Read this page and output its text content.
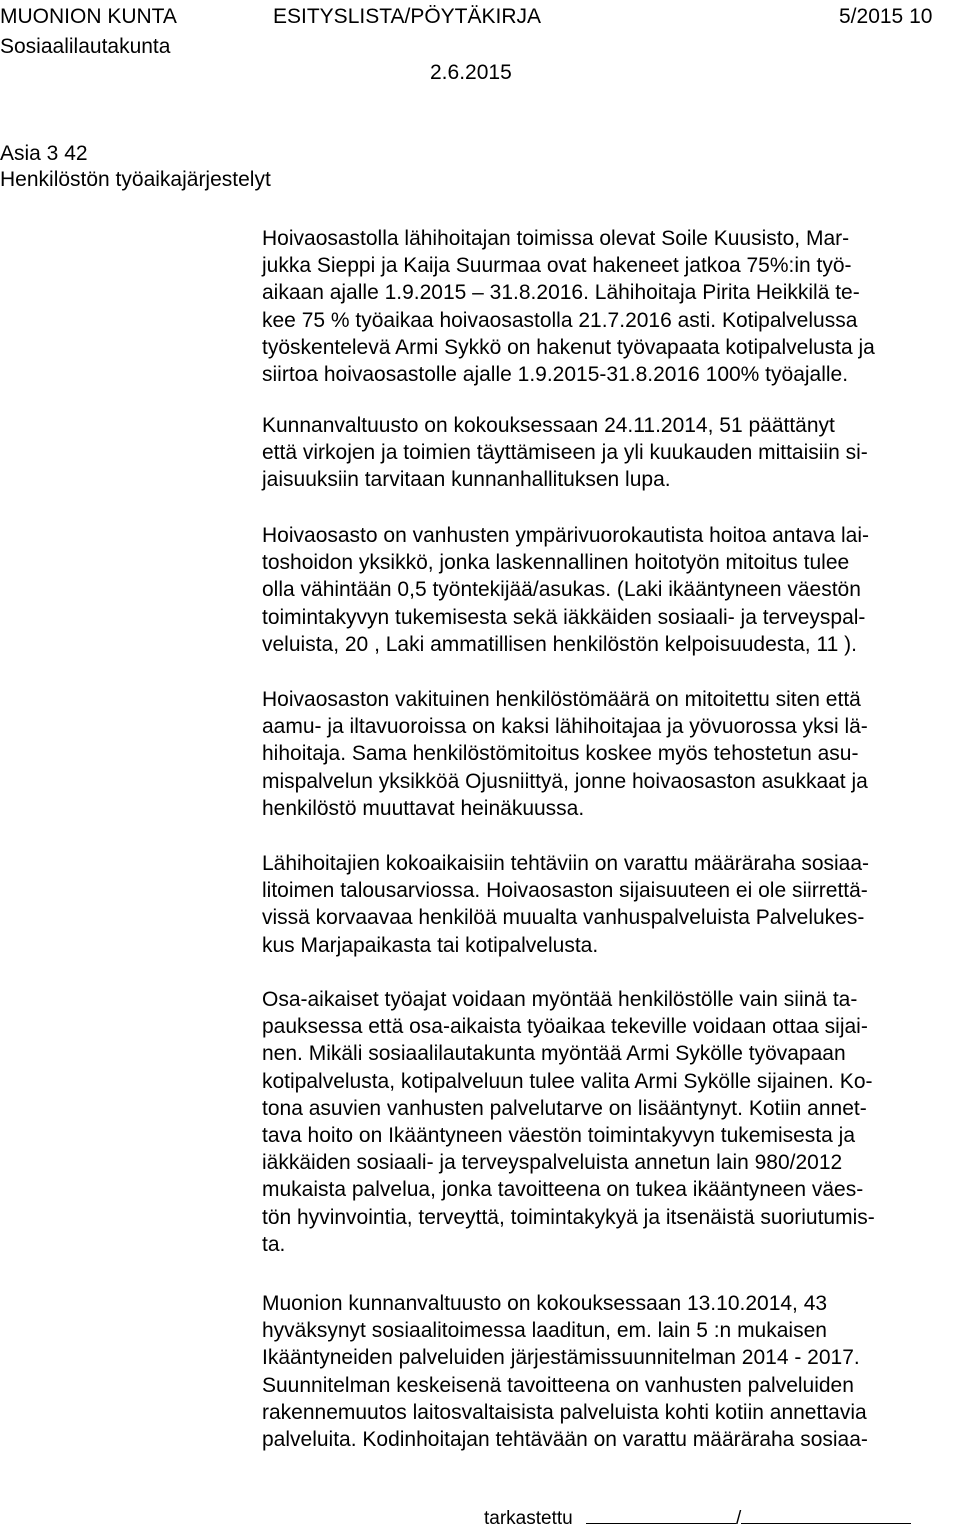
MUONION KUNTA	ESITYSLISTA/PÖYTÄKIRJA	5/2015 10
Sosiaalilautakunta
2.6.2015
Asia 3 42
Henkilöstön työaikajärjestelyt

Hoivaosastolla lähihoitajan toimissa olevat Soile Kuusisto, Mar-
jukka Sieppi ja Kaija Suurmaa ovat hakeneet jatkoa 75%:in työ-
aikaan ajalle 1.9.2015 – 31.8.2016. Lähihoitaja Pirita Heikkilä te-
kee 75 % työaikaa hoivaosastolla 21.7.2016 asti. Kotipalvelussa
työskentelevä Armi Sykkö on hakenut työvapaata kotipalvelusta ja
siirtoa hoivaosastolle ajalle 1.9.2015-31.8.2016 100% työajalle.

Kunnanvaltuusto on kokouksessaan 24.11.2014, 51 päättänyt
että virkojen ja toimien täyttämiseen ja yli kuukauden mittaisiin si-
jaisuuksiin tarvitaan kunnanhallituksen lupa.

Hoivaosasto on vanhusten ympärivuorokautista hoitoa antava lai-
toshoidon yksikkö, jonka laskennallinen hoitotyön mitoitus tulee
olla vähintään 0,5 työntekijää/asukas. (Laki ikääntyneen väestön
toimintakyvyn tukemisesta sekä iäkkäiden sosiaali- ja terveyspal-
veluista, 20 , Laki ammatillisen henkilöstön kelpoisuudesta, 11 ).

Hoivaosaston vakituinen henkilöstömäärä on mitoitettu siten että
aamu- ja iltavuoroissa on kaksi lähihoitajaa ja yövuorossa yksi lä-
hihoitaja. Sama henkilöstömitoitus koskee myös tehostetun asu-
mispalvelun yksikköä Ojusniittyä, jonne hoivaosaston asukkaat ja
henkilöstö muuttavat heinäkuussa.

Lähihoitajien kokoaikaisiin tehtäviin on varattu määräraha sosiaa-
litoimen talousarviossa. Hoivaosaston sijaisuuteen ei ole siirrettä-
vissä korvaavaa henkilöä muualta vanhuspalveluista Palvelukes-
kus Marjapaikasta tai kotipalvelusta.

Osa-aikaiset työajat voidaan myöntää henkilöstölle vain siinä ta-
pauksessa että osa-aikaista työaikaa tekeville voidaan ottaa sijai-
nen. Mikäli sosiaalilautakunta myöntää Armi Sykölle työvapaan
kotipalvelusta, kotipalveluun tulee valita Armi Sykölle sijainen. Ko-
tona asuvien vanhusten palvelutarve on lisääntynyt. Kotiin annet-
tava hoito on Ikääntyneen väestön toimintakyvyn tukemisesta ja
iäkkäiden sosiaali- ja terveyspalveluista annetun lain 980/2012
mukaista palvelua, jonka tavoitteena on tukea ikääntyneen väes-
tön hyvinvointia, terveyttä, toimintakykyä ja itsenäistä suoriutumis-
ta.

Muonion kunnanvaltuusto on kokouksessaan 13.10.2014, 43
hyväksynyt sosiaalitoimessa laaditun, em. lain 5 :n mukaisen
Ikääntyneiden palveluiden järjestämissuunnitelman 2014 - 2017.
Suunnitelman keskeisenä tavoitteena on vanhusten palveluiden
rakennemuutos laitosvaltaisista palveluista kohti kotiin annettavia
palveluita. Kodinhoitajan tehtävään on varattu määräraha sosiaa-

tarkastettu	/
